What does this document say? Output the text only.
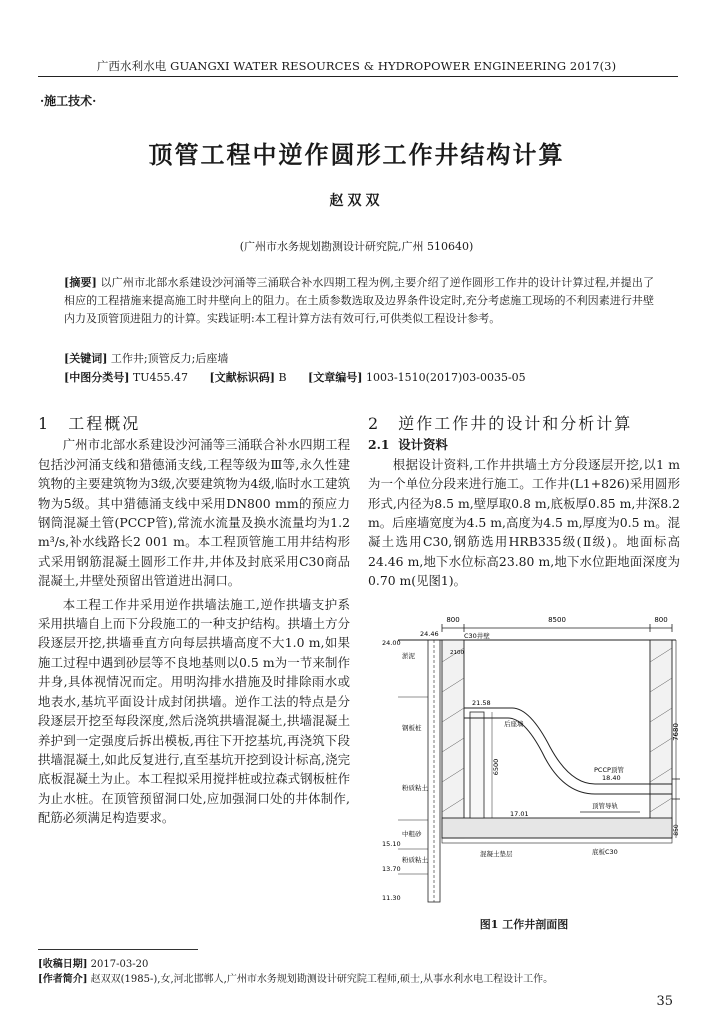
广西水利水电 GUANGXI WATER RESOURCES & HYDROPOWER ENGINEERING 2017(3)
·施工技术·
顶管工程中逆作圆形工作井结构计算
赵双双
(广州市水务规划勘测设计研究院,广州 510640)
[摘要] 以广州市北部水系建设沙河涌等三涌联合补水四期工程为例,主要介绍了逆作圆形工作井的设计计算过程,并提出了相应的工程措施来提高施工时井壁向上的阻力。在土质参数选取及边界条件设定时,充分考虑施工现场的不利因素进行井壁内力及顶管顶进阻力的计算。实践证明:本工程计算方法有效可行,可供类似工程设计参考。
[关键词] 工作井;顶管反力;后座墙
[中图分类号] TU455.47 [文献标识码] B [文章编号] 1003-1510(2017)03-0035-05
1 工程概况

广州市北部水系建设沙河涌等三涌联合补水四期工程包括沙河涌支线和猎德涌支线,工程等级为Ⅲ等,永久性建筑物的主要建筑物为3级,次要建筑物为4级,临时水工建筑物为5级。其中猎德涌支线中采用DN800 mm的预应力钢筒混凝土管(PCCP管),常流水流量及换水流量均为1.2 m³/s,补水线路长2 001 m。本工程顶管施工用井结构形式采用钢筋混凝土圆形工作井,井体及封底采用C30商品混凝土,井壁处预留出管道进出洞口。

本工程工作井采用逆作拱墙法施工,逆作拱墙支护系采用拱墙自上而下分段施工的一种支护结构。拱墙土方分段逐层开挖,拱墙垂直方向每层拱墙高度不大1.0 m,如果施工过程中遇到砂层等不良地基则以0.5 m为一节来制作井身,具体视情况而定。用明沟排水措施及时排除雨水或地表水,基坑平面设计成封闭拱墙。逆作工法的特点是分段逐层开挖至每段深度,然后浇筑拱墙混凝土,拱墙混凝土养护到一定强度后拆出模板,再往下开挖基坑,再浇筑下段拱墙混凝土,如此反复进行,直至基坑开挖到设计标高,浇完底板混凝土为止。本工程拟采用搅拌桩或拉森式钢板桩作为止水桩。在顶管预留洞口处,应加强洞口处的井体制作,配筋必须满足构造要求。

2 逆作工作井的设计和分析计算
2.1 设计资料

根据设计资料,工作井拱墙土方分段逐层开挖,以1 m为一个单位分段来进行施工。工作井(L1+826)采用圆形形式,内径为8.5 m,壁厚取0.8 m,底板厚0.85 m,井深8.2 m。后座墙宽度为4.5 m,高度为4.5 m,厚度为0.5 m。混凝土选用C30,钢筋选用HRB335级(Ⅱ级)。地面标高24.46 m,地下水位标高23.80 m,地下水位距地面深度为0.70 m(见图1)。

800	8500	800
7680
850
6500
2100
24.46
24.00
21.58
17.01
15.10
13.70
11.30
18.40
C30井壁
PCCP顶管
后座墙
钢板桩
顶管导轨
底板C30
混凝土垫层
淤泥
粉质粘土
中粗砂
粉质粘土
图1 工作井剖面图
[收稿日期] 2017-03-20
[作者简介] 赵双双(1985-),女,河北邯郸人,广州市水务规划勘测设计研究院工程师,硕士,从事水利水电工程设计工作。
35
